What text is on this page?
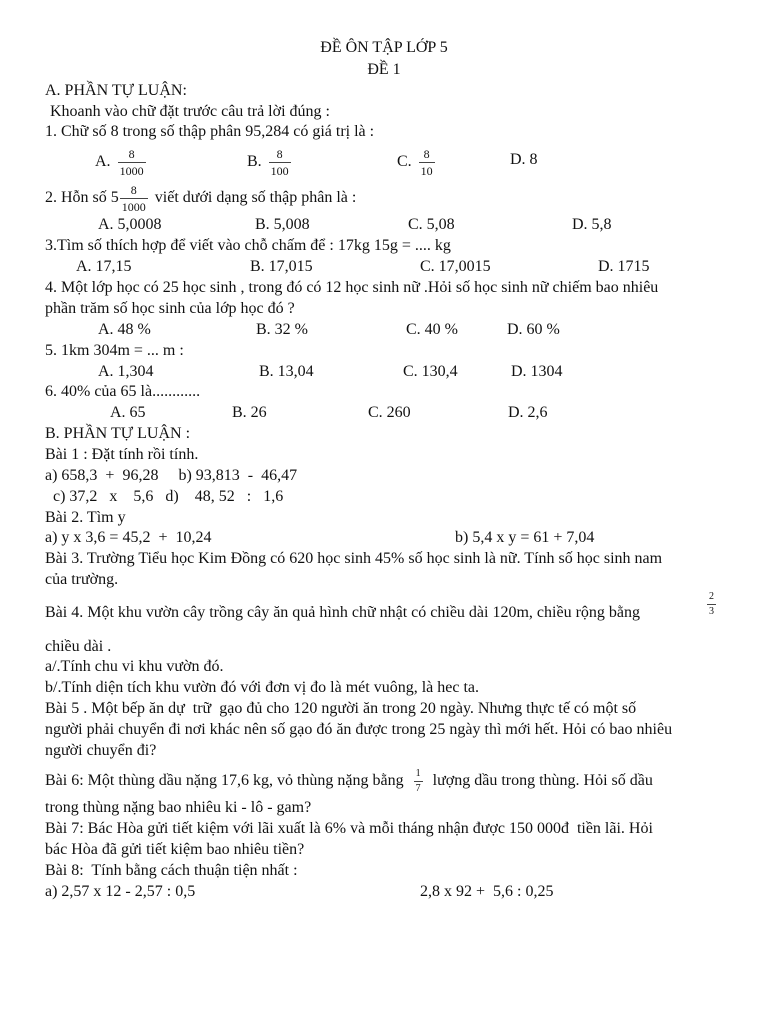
ĐỀ ÔN TẬP LỚP 5
ĐỀ 1
A. PHẦN TỰ LUẬN:
Khoanh vào chữ đặt trước câu trả lời đúng :
1. Chữ số 8 trong số thập phân 95,284 có giá trị là :
A. $\frac{8}{1000}$	B. $\frac{8}{100}$	C. $\frac{8}{10}$	D. 8
2. Hỗn số $5 \frac{8}{1000}$ viết dưới dạng số thập phân là :
A. 5,0008	B. 5,008	C. 5,08	D. 5,8
3.Tìm số thích hợp để viết vào chỗ chấm để : 17kg 15g = .... kg
A. 17,15	B. 17,015	C. 17,0015	D. 1715
4. Một lớp học có 25 học sinh , trong đó có 12 học sinh nữ .Hỏi số học sinh nữ chiếm bao nhiêu
phần trăm số học sinh của lớp học đó ?
A. 48 %	B. 32 %	C. 40 %	D. 60 %
5. 1km 304m = ... m :
A. 1,304	B. 13,04	C. 130,4	D. 1304
6. 40% của 65 là............
A. 65	B. 26	C. 260	D. 2,6
B. PHẦN TỰ LUẬN :
Bài 1 : Đặt tính rồi tính.
a) 658,3  +  96,28     b) 93,813  -  46,47
c) 37,2   x    5,6   d)    48, 52   :   1,6
Bài 2. Tìm y
a) y x 3,6 = 45,2  +  10,24	b) 5,4 x y = 61 + 7,04
Bài 3. Trường Tiểu học Kim Đồng có 620 học sinh 45% số học sinh là nữ. Tính số học sinh nam
của trường.
Bài 4. Một khu vườn cây trồng cây ăn quả hình chữ nhật có chiều dài 120m, chiều rộng bằng	$\frac{2}{3}$
chiều dài .
a/.Tính chu vi khu vườn đó.
b/.Tính diện tích khu vườn đó với đơn vị đo là mét vuông, là hec ta.
Bài 5 . Một bếp ăn dự  trữ  gạo đủ cho 120 người ăn trong 20 ngày. Nhưng thực tế có một số
người phải chuyển đi nơi khác nên số gạo đó ăn được trong 25 ngày thì mới hết. Hỏi có bao nhiêu
người chuyển đi?
Bài 6: Một thùng dầu nặng 17,6 kg, vỏ thùng nặng bằng $\frac{1}{7}$ lượng dầu trong thùng. Hỏi số dầu
trong thùng nặng bao nhiêu ki - lô - gam?
Bài 7: Bác Hòa gửi tiết kiệm với lãi xuất là 6% và mỗi tháng nhận được 150 000đ  tiền lãi. Hỏi
bác Hòa đã gửi tiết kiệm bao nhiêu tiền?
Bài 8:  Tính bằng cách thuận tiện nhất :
a) 2,57 x 12 - 2,57 : 0,5	2,8 x 92 +  5,6 : 0,25
